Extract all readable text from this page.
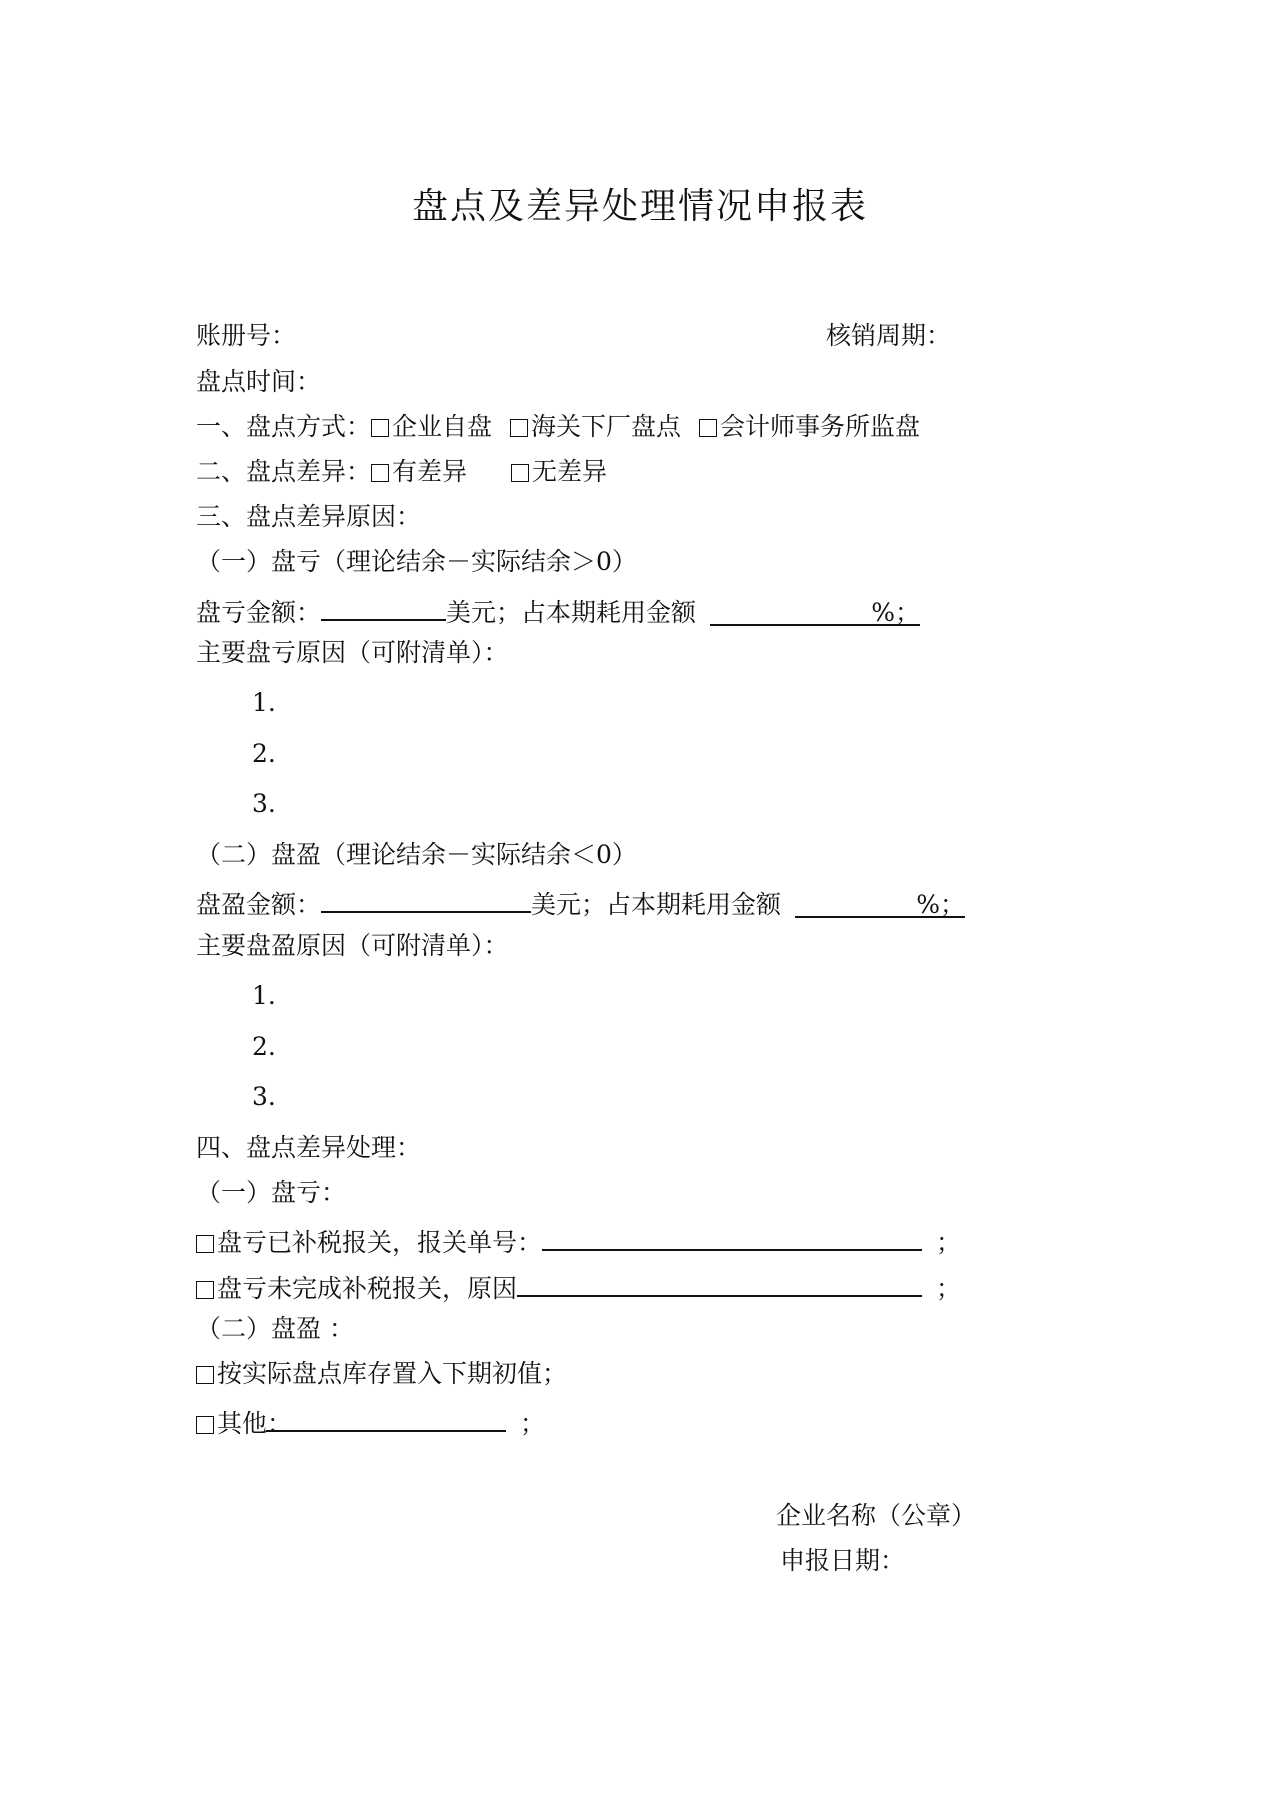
盘点及差异处理情况申报表
账册号：	核销周期：
盘点时间：
一、盘点方式： 企业自盘 海关下厂盘点 会计师事务所监盘
二、盘点差异： 有差异	无差异
三、盘点差异原因：
（一）盘亏（理论结余－实际结余＞0）
盘亏金额：	美元；占本期耗用金额	%；
主要盘亏原因（可附清单）：
1.
2.
3.
（二）盘盈（理论结余－实际结余＜0）
盘盈金额：	美元；占本期耗用金额	%；
主要盘盈原因（可附清单）：
1.
2.
3.
四、盘点差异处理：
（一）盘亏：
盘亏已补税报关，报关单号：	；
盘亏未完成补税报关，原因	；
（二）盘盈 ：
按实际盘点库存置入下期初值；
其他：	；
企业名称（公章）
申报日期：
